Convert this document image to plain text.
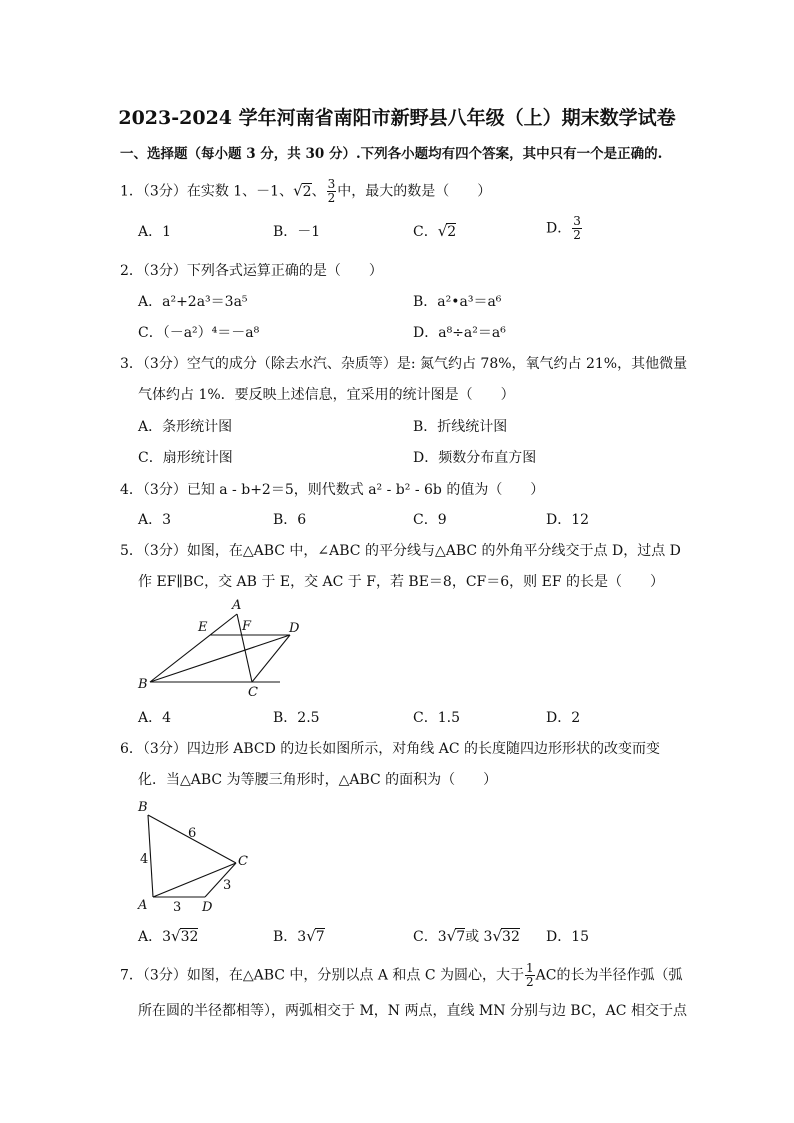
2023-2024 学年河南省南阳市新野县八年级（上）期末数学试卷
一、选择题（每小题 3 分，共 30 分）.下列各小题均有四个答案，其中只有一个是正确的.
1．（3分）在实数 1、－1、√2、 $\frac{3}{2}$ 中，最大的数是（　　）
A．1	B．－1	C．√2	D． $\frac{3}{2}$
2．（3分）下列各式运算正确的是（　　）
A．a²+2a³＝3a⁵	B．a²•a³＝a⁶
C．（－a²）⁴＝－a⁸	D．a⁸÷a²＝a⁶
3．（3分）空气的成分（除去水汽、杂质等）是: 氮气约占 78%，氧气约占 21%，其他微量
气体约占 1%．要反映上述信息，宜采用的统计图是（　　）
A．条形统计图	B．折线统计图
C．扇形统计图	D．频数分布直方图
4．（3分）已知 a - b+2＝5，则代数式 a² - b² - 6b 的值为（　　）
A．3	B．6	C．9	D．12
5．（3分）如图，在△ABC 中，∠ABC 的平分线与△ABC 的外角平分线交于点 D，过点 D
作 EF∥BC，交 AB 于 E，交 AC 于 F，若 BE＝8，CF＝6，则 EF 的长是（　　）
A
E	F	D
B
C
A．4	B．2.5	C．1.5	D．2
6．（3分）四边形 ABCD 的边长如图所示，对角线 AC 的长度随四边形形状的改变而变
化．当△ABC 为等腰三角形时，△ABC 的面积为（　　）
B
C
A	D
4
6
3
3
A．3√32	B．3√7	C．3√7或 3√32 D．15
7．（3分）如图，在△ABC 中，分别以点 A 和点 C 为圆心，大于 $\frac{1}{2}$ AC的长为半径作弧（弧
所在圆的半径都相等），两弧相交于 M，N 两点，直线 MN 分别与边 BC，AC 相交于点
